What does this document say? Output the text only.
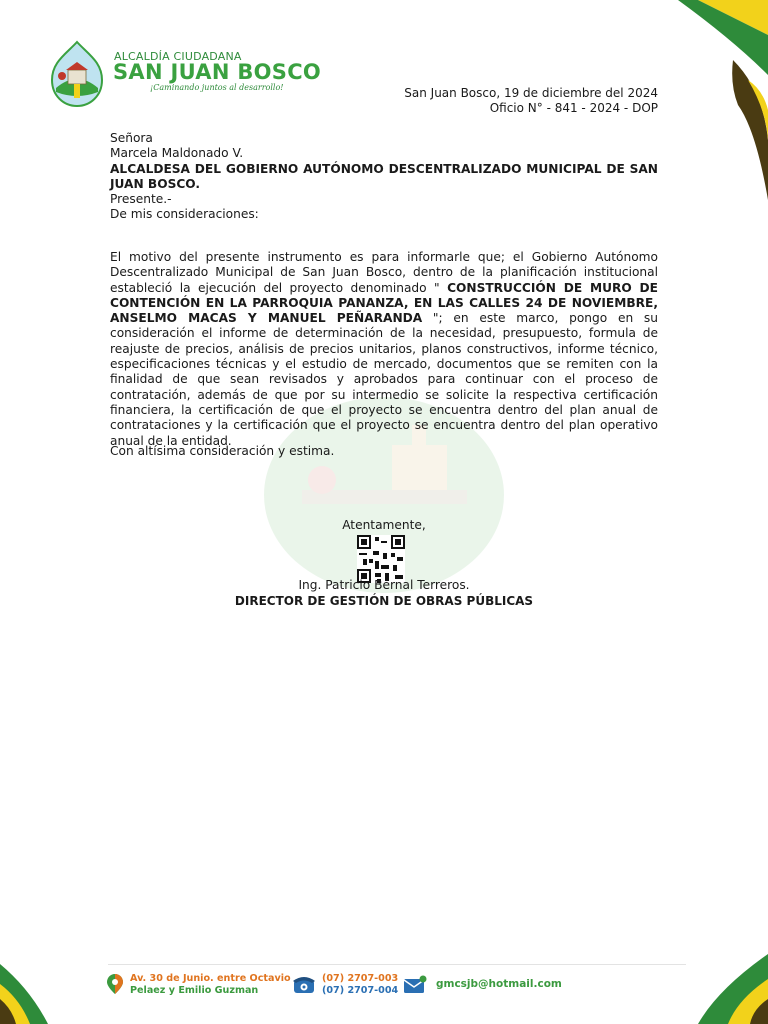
ALCALDÍA CIUDADANA
SAN JUAN BOSCO
¡Caminando juntos al desarrollo!	San Juan Bosco, 19 de diciembre del 2024
Oficio N° - 841 - 2024 - DOP
Señora
Marcela Maldonado V.
ALCALDESA DEL GOBIERNO AUTÓNOMO DESCENTRALIZADO MUNICIPAL DE SAN JUAN BOSCO.
Presente.-
De mis consideraciones:
El motivo del presente instrumento es para informarle que; el Gobierno Autónomo Descentralizado Municipal de San Juan Bosco, dentro de la planificación institucional estableció la ejecución del proyecto denominado " CONSTRUCCIÓN DE MURO DE CONTENCIÓN EN LA PARROQUIA PANANZA, EN LAS CALLES 24 DE NOVIEMBRE, ANSELMO MACAS Y MANUEL PEÑARANDA "; en este marco, pongo en su consideración el informe de determinación de la necesidad, presupuesto, formula de reajuste de precios, análisis de precios unitarios, planos constructivos, informe técnico, especificaciones técnicas y el estudio de mercado, documentos que se remiten con la finalidad de que sean revisados y aprobados para continuar con el proceso de contratación, además de que por su intermedio se solicite la respectiva certificación financiera, la certificación de que el proyecto se encuentra dentro del plan anual de contrataciones y la certificación que el proyecto se encuentra dentro del plan operativo anual de la entidad.
Con altísima consideración y estima.
Atentamente,
Ing. Patricio Bernal Terreros.
DIRECTOR DE GESTIÓN DE OBRAS PÚBLICAS
Av. 30 de Junio. entre Octavio
Pelaez y Emilio Guzman
(07) 2707-003
(07) 2707-004
gmcsjb@hotmail.com
